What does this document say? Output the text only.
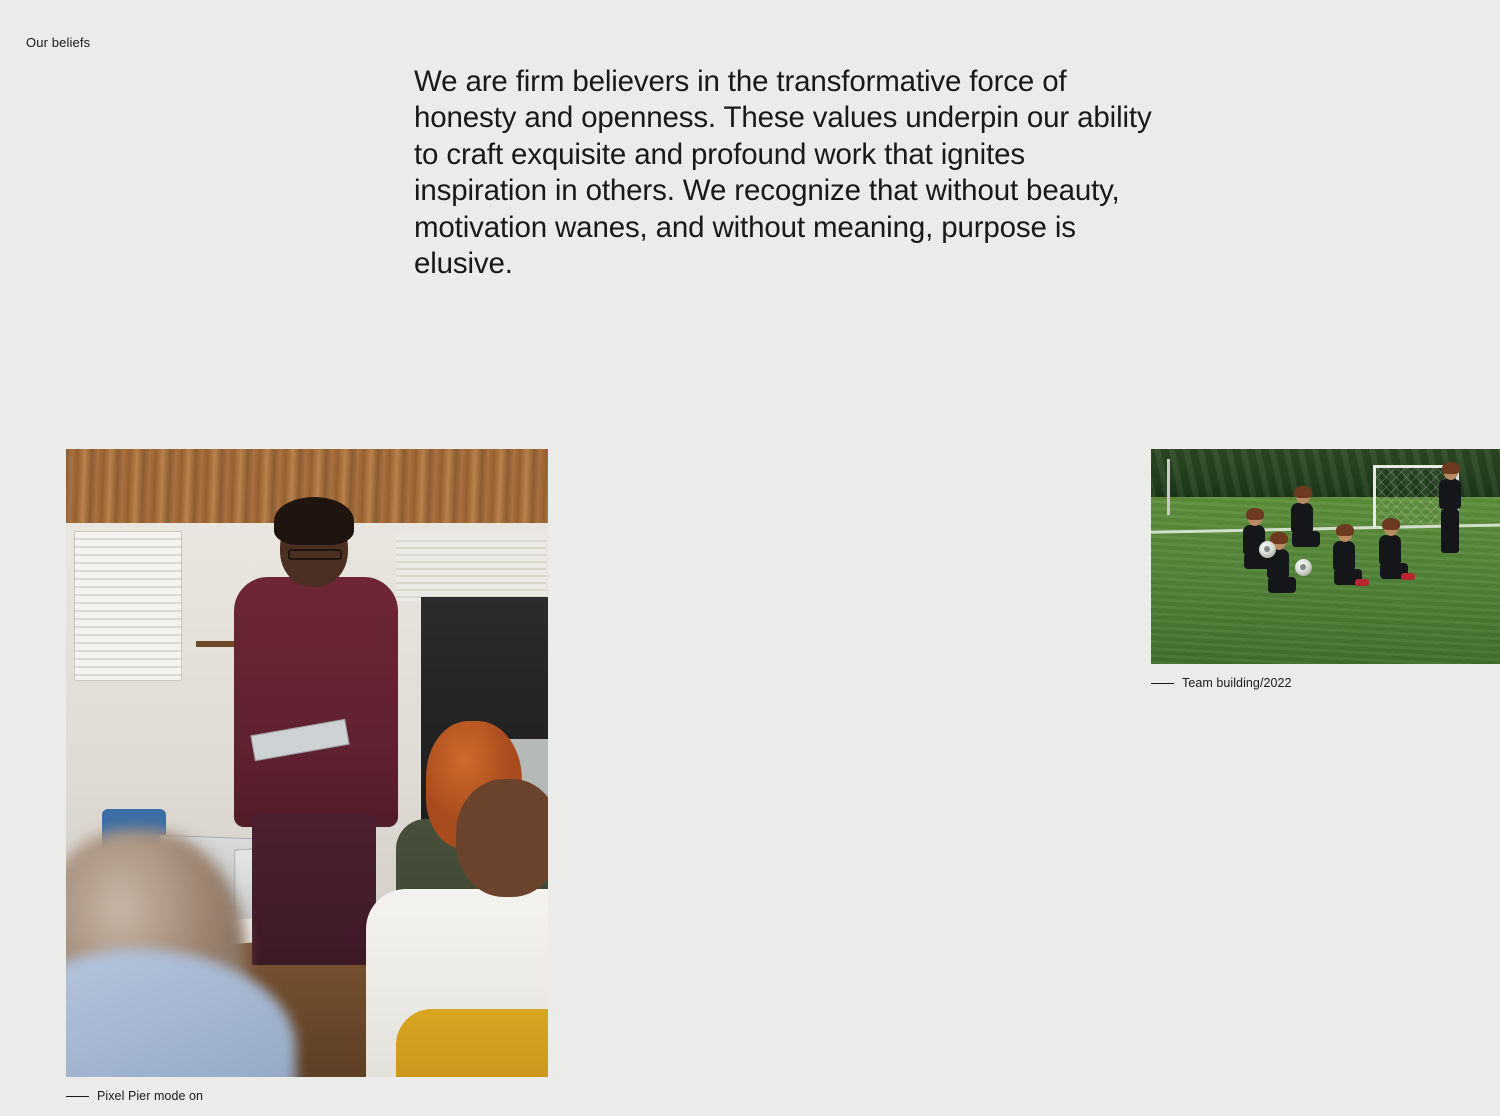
Our beliefs

We are firm believers in the transformative force of honesty and openness. These values underpin our ability to craft exquisite and profound work that ignites inspiration in others. We recognize that without beauty, motivation wanes, and without meaning, purpose is elusive.

Pixel Pier mode on
Team building/2022
